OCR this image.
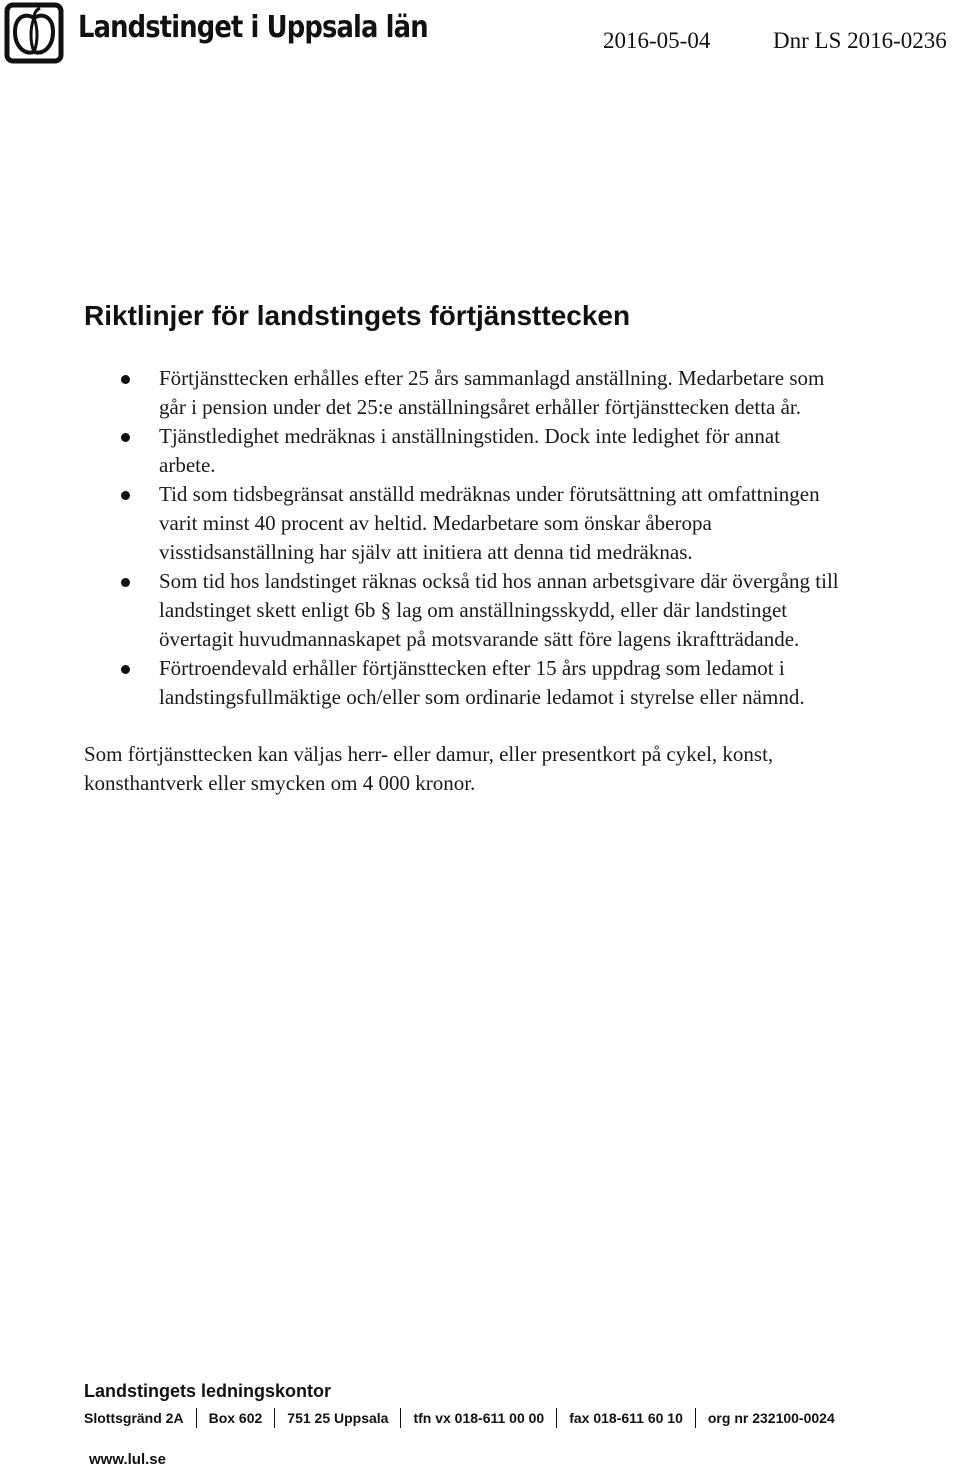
Landstinget i Uppsala län	2016-05-04	Dnr LS 2016-0236
Riktlinjer för landstingets förtjänsttecken
Förtjänsttecken erhålles efter 25 års sammanlagd anställning. Medarbetare som
går i pension under det 25:e anställningsåret erhåller förtjänsttecken detta år.
Tjänstledighet medräknas i anställningstiden. Dock inte ledighet för annat
arbete.
Tid som tidsbegränsat anställd medräknas under förutsättning att omfattningen
varit minst 40 procent av heltid. Medarbetare som önskar åberopa
visstidsanställning har själv att initiera att denna tid medräknas.
Som tid hos landstinget räknas också tid hos annan arbetsgivare där övergång till
landstinget skett enligt 6b § lag om anställningsskydd, eller där landstinget
övertagit huvudmannaskapet på motsvarande sätt före lagens ikraftträdande.
Förtroendevald erhåller förtjänsttecken efter 15 års uppdrag som ledamot i
landstingsfullmäktige och/eller som ordinarie ledamot i styrelse eller nämnd.
Som förtjänsttecken kan väljas herr- eller damur, eller presentkort på cykel, konst,
konsthantverk eller smycken om 4 000 kronor.
Landstingets ledningskontor
Slottsgränd 2A Box 602 751 25 Uppsala tfn vx 018-611 00 00 fax 018-611 60 10 org nr 232100-0024
www.lul.se
